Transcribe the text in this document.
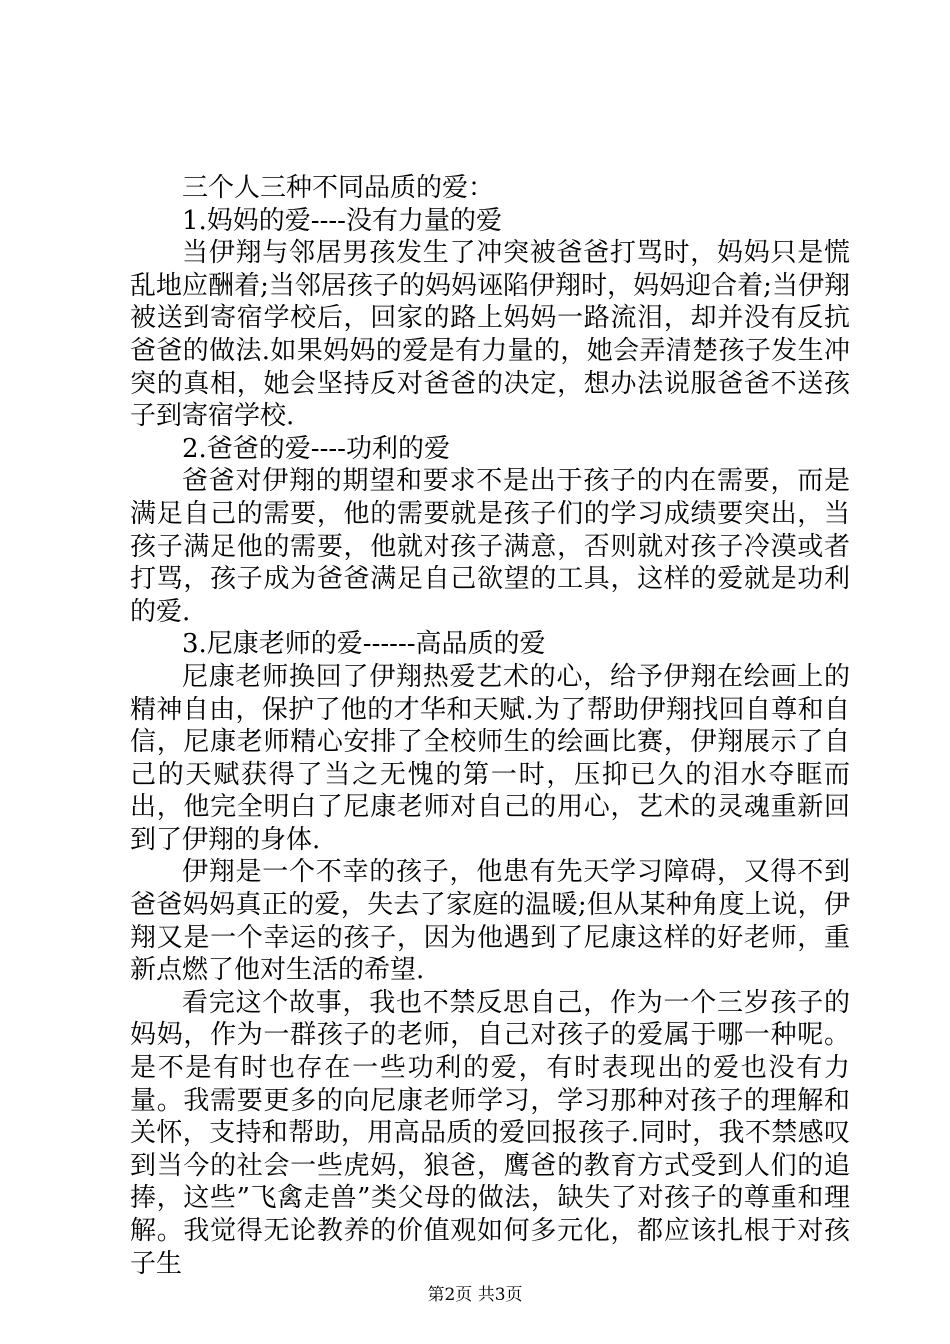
三个人三种不同品质的爱：

1.妈妈的爱----没有力量的爱

当伊翔与邻居男孩发生了冲突被爸爸打骂时，妈妈只是慌乱地应酬着;当邻居孩子的妈妈诬陷伊翔时，妈妈迎合着;当伊翔被送到寄宿学校后，回家的路上妈妈一路流泪，却并没有反抗爸爸的做法.如果妈妈的爱是有力量的，她会弄清楚孩子发生冲突的真相，她会坚持反对爸爸的决定，想办法说服爸爸不送孩子到寄宿学校.

2.爸爸的爱----功利的爱

爸爸对伊翔的期望和要求不是出于孩子的内在需要，而是满足自己的需要，他的需要就是孩子们的学习成绩要突出，当孩子满足他的需要，他就对孩子满意，否则就对孩子冷漠或者打骂，孩子成为爸爸满足自己欲望的工具，这样的爱就是功利的爱.

3.尼康老师的爱------高品质的爱

尼康老师换回了伊翔热爱艺术的心，给予伊翔在绘画上的精神自由，保护了他的才华和天赋.为了帮助伊翔找回自尊和自信，尼康老师精心安排了全校师生的绘画比赛，伊翔展示了自己的天赋获得了当之无愧的第一时，压抑已久的泪水夺眶而出，他完全明白了尼康老师对自己的用心，艺术的灵魂重新回到了伊翔的身体.

伊翔是一个不幸的孩子，他患有先天学习障碍，又得不到爸爸妈妈真正的爱，失去了家庭的温暖;但从某种角度上说，伊翔又是一个幸运的孩子，因为他遇到了尼康这样的好老师，重新点燃了他对生活的希望.

看完这个故事，我也不禁反思自己，作为一个三岁孩子的妈妈，作为一群孩子的老师，自己对孩子的爱属于哪一种呢。是不是有时也存在一些功利的爱，有时表现出的爱也没有力量。我需要更多的向尼康老师学习，学习那种对孩子的理解和关怀，支持和帮助，用高品质的爱回报孩子.同时，我不禁感叹到当今的社会一些虎妈，狼爸，鹰爸的教育方式受到人们的追捧，这些”飞禽走兽”类父母的做法，缺失了对孩子的尊重和理解。我觉得无论教养的价值观如何多元化，都应该扎根于对孩子生

第2页 共3页
